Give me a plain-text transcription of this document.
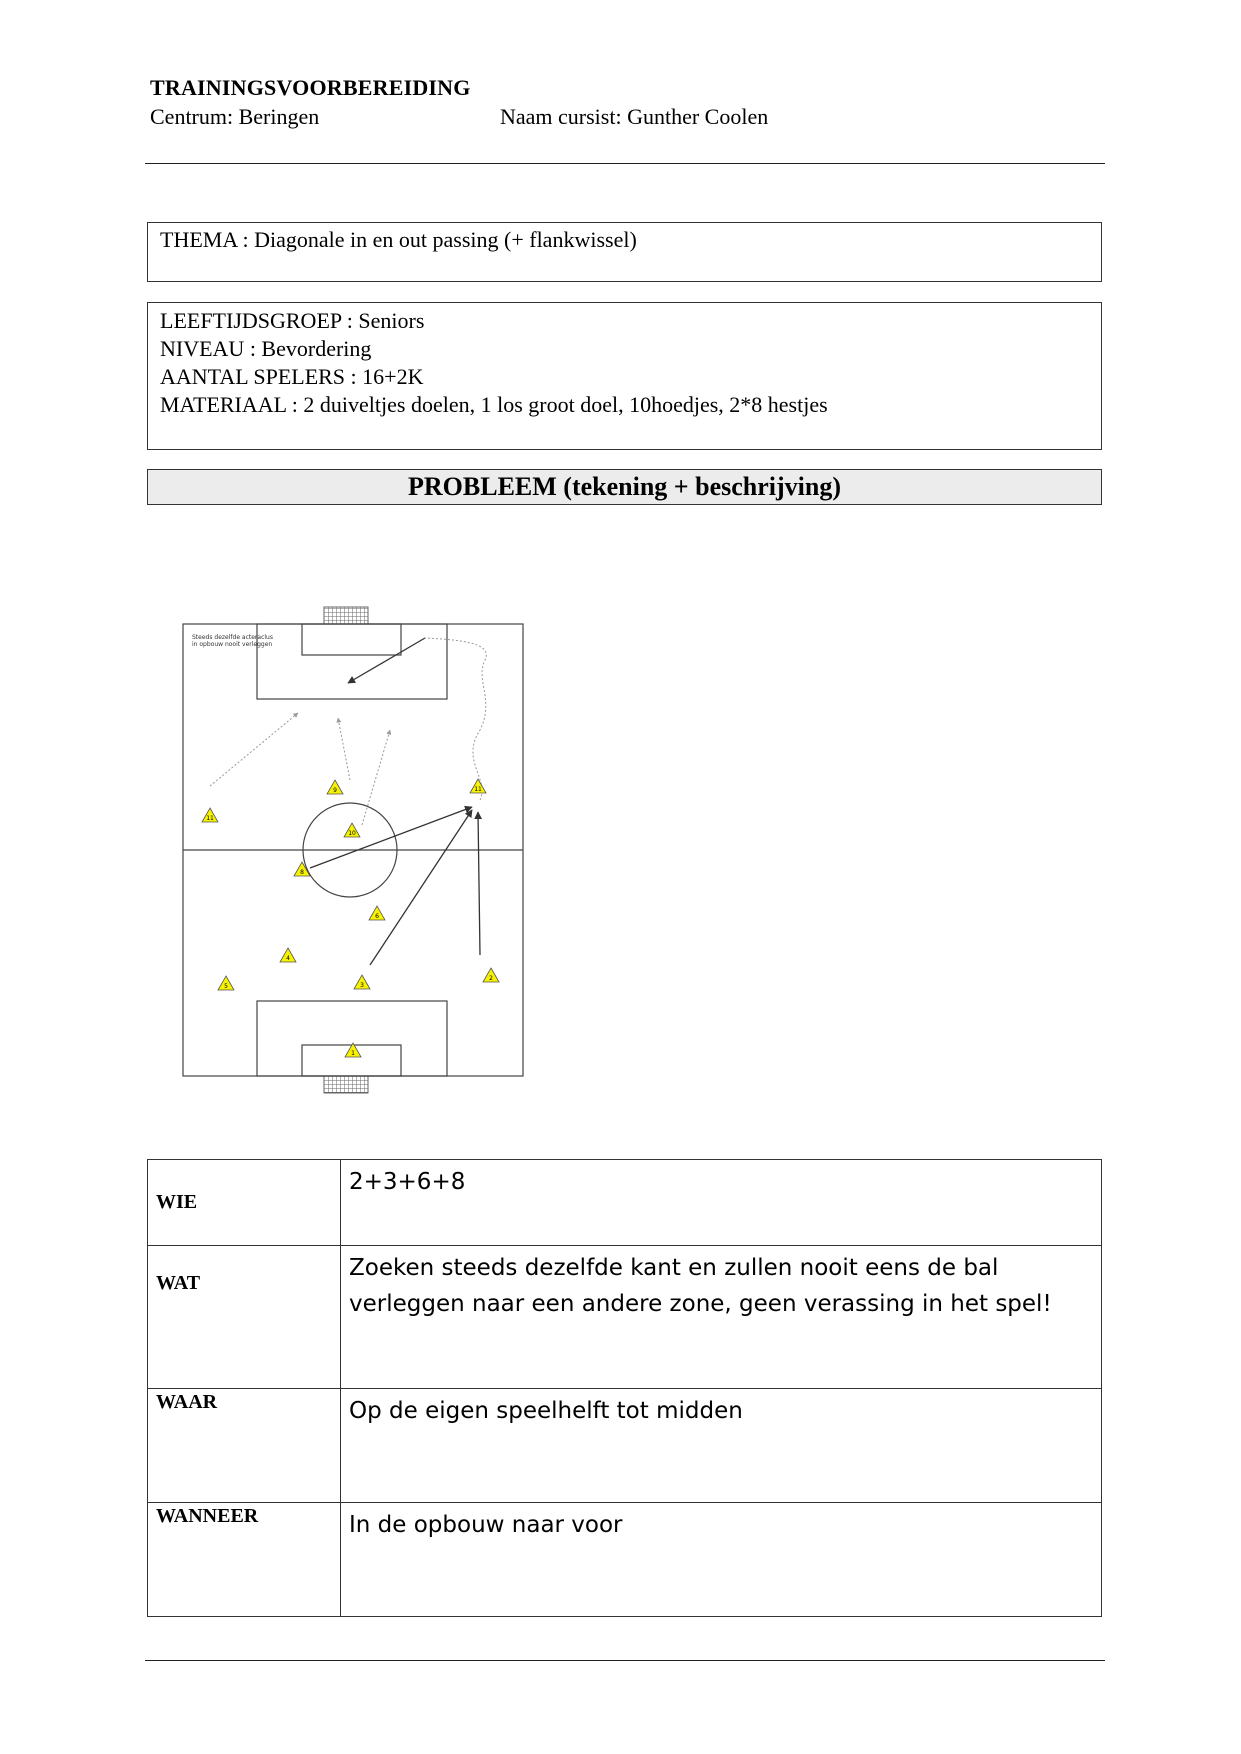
TRAININGSVOORBEREIDING
Centrum: Beringen	Naam cursist: Gunther Coolen
THEMA : Diagonale in en out passing (+ flankwissel)
LEEFTIJDSGROEP : Seniors
NIVEAU : Bevordering
AANTAL SPELERS : 16+2K
MATERIAAL : 2 duiveltjes doelen, 1 los groot doel, 10hoedjes, 2*8 hestjes
PROBLEEM (tekening + beschrijving)
Steeds dezelfde acteraclus
in opbouw nooit verleggen
11
9	11
10
8
6
4
5	3
2
1
WIE	2+3+6+8
WAT	Zoeken steeds dezelfde kant en zullen nooit eens de bal
verleggen naar een andere zone, geen verassing in het spel!

WAAR	Op de eigen speelhelft tot midden
WANNEER	In de opbouw naar voor
